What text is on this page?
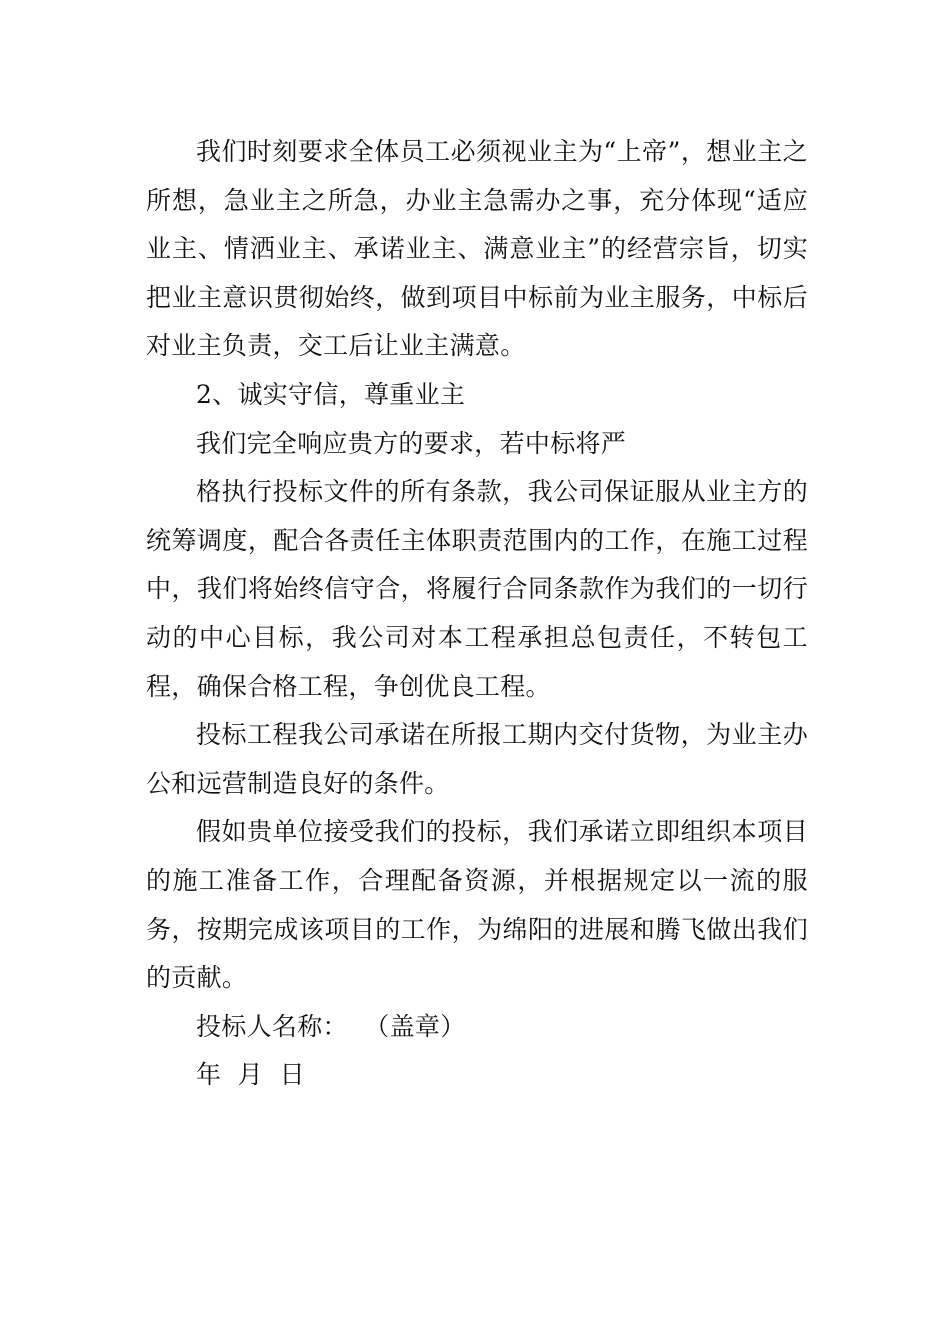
我们时刻要求全体员工必须视业主为“上帝”，想业主之所想，急业主之所急，办业主急需办之事，充分体现“适应业主、情洒业主、承诺业主、满意业主”的经营宗旨，切实把业主意识贯彻始终，做到项目中标前为业主服务，中标后对业主负责，交工后让业主满意。

2、诚实守信，尊重业主

我们完全响应贵方的要求，若中标将严

格执行投标文件的所有条款，我公司保证服从业主方的统筹调度，配合各责任主体职责范围内的工作，在施工过程中，我们将始终信守合，将履行合同条款作为我们的一切行动的中心目标，我公司对本工程承担总包责任，不转包工程，确保合格工程，争创优良工程。

投标工程我公司承诺在所报工期内交付货物，为业主办公和远营制造良好的条件。

假如贵单位接受我们的投标，我们承诺立即组织本项目的施工准备工作，合理配备资源，并根据规定以一流的服务，按期完成该项目的工作，为绵阳的进展和腾飞做出我们的贡献。

投标人名称：  （盖章）

年  月  日
